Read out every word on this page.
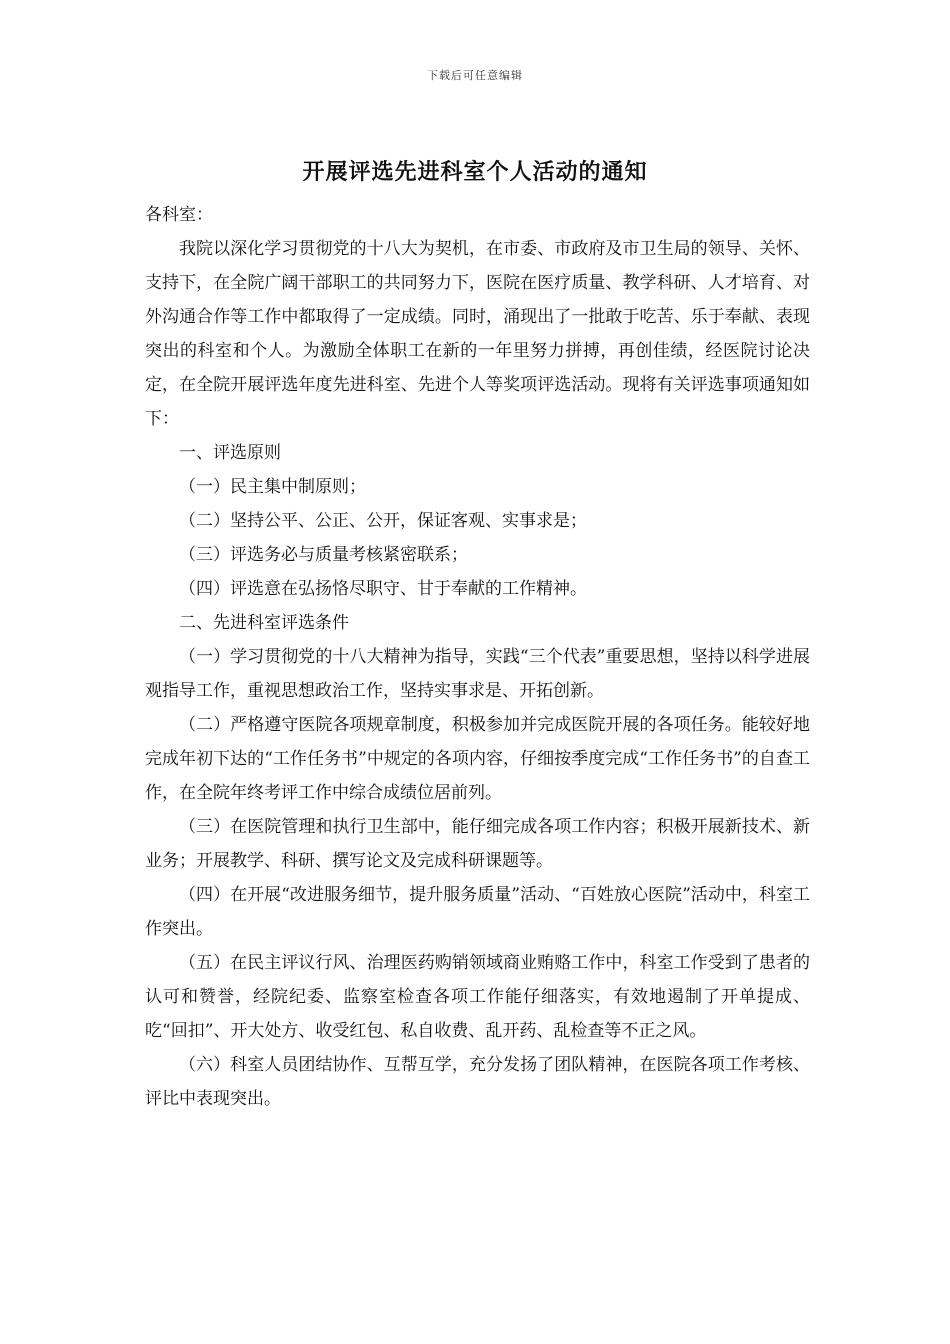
下载后可任意编辑
开展评选先进科室个人活动的通知

各科室：

我院以深化学习贯彻党的十八大为契机，在市委、市政府及市卫生局的领导、关怀、支持下，在全院广阔干部职工的共同努力下，医院在医疗质量、教学科研、人才培育、对外沟通合作等工作中都取得了一定成绩。同时，涌现出了一批敢于吃苦、乐于奉献、表现突出的科室和个人。为激励全体职工在新的一年里努力拼搏，再创佳绩，经医院讨论决定，在全院开展评选年度先进科室、先进个人等奖项评选活动。现将有关评选事项通知如下：

一、评选原则

（一）民主集中制原则；

（二）坚持公平、公正、公开，保证客观、实事求是；

（三）评选务必与质量考核紧密联系；

（四）评选意在弘扬恪尽职守、甘于奉献的工作精神。

二、先进科室评选条件

（一）学习贯彻党的十八大精神为指导，实践“三个代表”重要思想，坚持以科学进展观指导工作，重视思想政治工作，坚持实事求是、开拓创新。

（二）严格遵守医院各项规章制度，积极参加并完成医院开展的各项任务。能较好地完成年初下达的“工作任务书”中规定的各项内容，仔细按季度完成“工作任务书”的自查工作，在全院年终考评工作中综合成绩位居前列。

（三）在医院管理和执行卫生部中，能仔细完成各项工作内容；积极开展新技术、新业务；开展教学、科研、撰写论文及完成科研课题等。

（四）在开展“改进服务细节，提升服务质量”活动、“百姓放心医院”活动中，科室工作突出。

（五）在民主评议行风、治理医药购销领域商业贿赂工作中，科室工作受到了患者的认可和赞誉，经院纪委、监察室检查各项工作能仔细落实，有效地遏制了开单提成、吃“回扣”、开大处方、收受红包、私自收费、乱开药、乱检查等不正之风。

（六）科室人员团结协作、互帮互学，充分发扬了团队精神，在医院各项工作考核、评比中表现突出。
